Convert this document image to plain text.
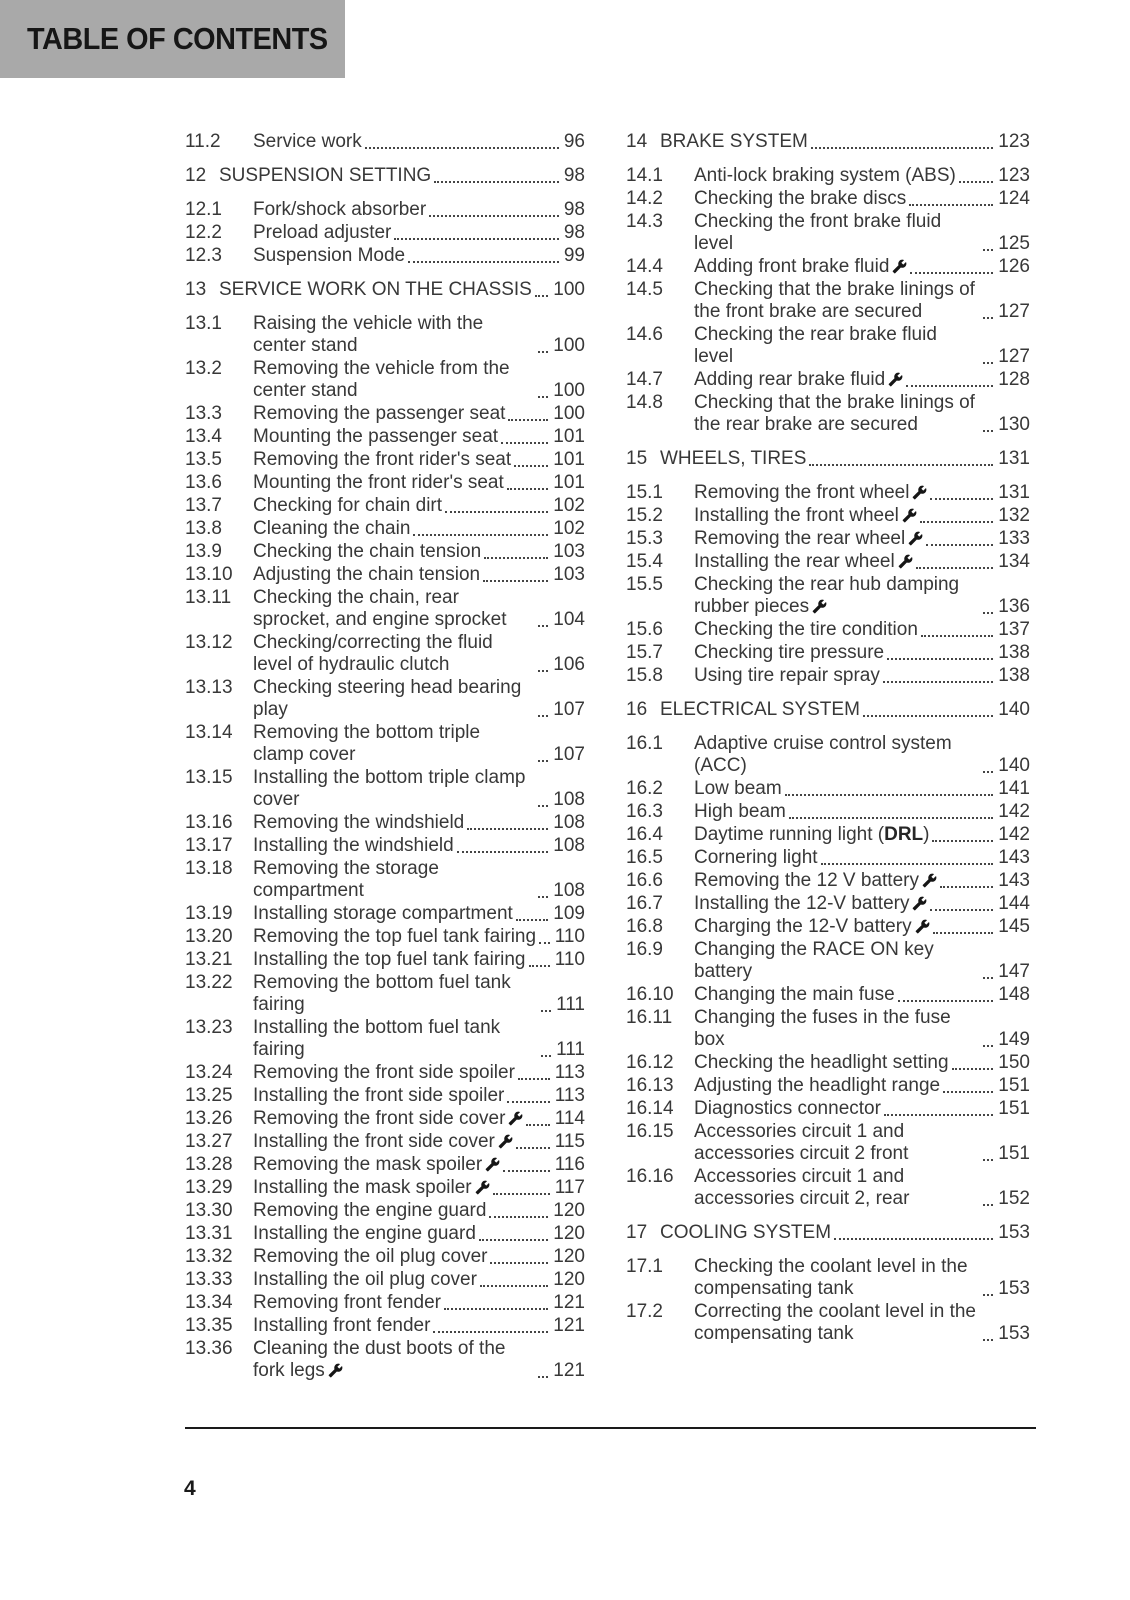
TABLE OF CONTENTS
11.2	Service work	96
12 SUSPENSION SETTING	98
12.1	Fork/shock absorber	98
12.2	Preload adjuster	98
12.3	Suspension Mode	99
13 SERVICE WORK ON THE CHASSIS 100
13.1	Raising the vehicle with the center stand	100
13.2	Removing the vehicle from the center stand	100
13.3	Removing the passenger seat	100
13.4	Mounting the passenger seat	101
13.5	Removing the front rider's seat 101
13.6	Mounting the front rider's seat	101
13.7	Checking for chain dirt	102
13.8	Cleaning the chain	102
13.9	Checking the chain tension	103
13.10	Adjusting the chain tension	103
13.11	Checking the chain, rear sprocket, and engine sprocket	104
13.12	Checking/correcting the fluid level of hydraulic clutch	106
13.13	Checking steering head bearing play	107
13.14	Removing the bottom triple clamp cover	107
13.15	Installing the bottom triple clamp cover	108
13.16	Removing the windshield	108
13.17	Installing the windshield	108
13.18	Removing the storage compartment	108
13.19	Installing storage compartment 109
13.20	Removing the top fuel tank fairing 110
13.21	Installing the top fuel tank fairing 110
13.22	Removing the bottom fuel tank fairing	111
13.23	Installing the bottom fuel tank fairing	111
13.24	Removing the front side spoiler 113
13.25	Installing the front side spoiler	113
13.26	Removing the front side cover	114
13.27	Installing the front side cover	115
13.28	Removing the mask spoiler	116
13.29	Installing the mask spoiler	117
13.30	Removing the engine guard	120
13.31	Installing the engine guard	120
13.32	Removing the oil plug cover	120
13.33	Installing the oil plug cover	120
13.34	Removing front fender	121
13.35	Installing front fender	121
13.36	Cleaning the dust boots of the fork legs	121
14 BRAKE SYSTEM	123
14.1	Anti-lock braking system (ABS) 123
14.2	Checking the brake discs	124
14.3	Checking the front brake fluid level	125
14.4	Adding front brake fluid	126
14.5	Checking that the brake linings of the front brake are secured	127
14.6	Checking the rear brake fluid level	127
14.7	Adding rear brake fluid	128
14.8	Checking that the brake linings of the rear brake are secured	130
15 WHEELS, TIRES	131
15.1	Removing the front wheel	131
15.2	Installing the front wheel	132
15.3	Removing the rear wheel	133
15.4	Installing the rear wheel	134
15.5	Checking the rear hub damping rubber pieces	136
15.6	Checking the tire condition	137
15.7	Checking tire pressure	138
15.8	Using tire repair spray	138
16 ELECTRICAL SYSTEM	140
16.1	Adaptive cruise control system (ACC)	140
16.2	Low beam	141
16.3	High beam	142
16.4	Daytime running light (DRL)	142
16.5	Cornering light	143
16.6	Removing the 12 V battery	143
16.7	Installing the 12-V battery	144
16.8	Charging the 12-V battery	145
16.9	Changing the RACE ON key battery	147
16.10	Changing the main fuse	148
16.11	Changing the fuses in the fuse box	149
16.12	Checking the headlight setting	150
16.13	Adjusting the headlight range	151
16.14	Diagnostics connector	151
16.15	Accessories circuit 1 and accessories circuit 2 front	151
16.16	Accessories circuit 1 and accessories circuit 2, rear	152
17 COOLING SYSTEM	153
17.1	Checking the coolant level in the compensating tank	153
17.2	Correcting the coolant level in the compensating tank	153
4
